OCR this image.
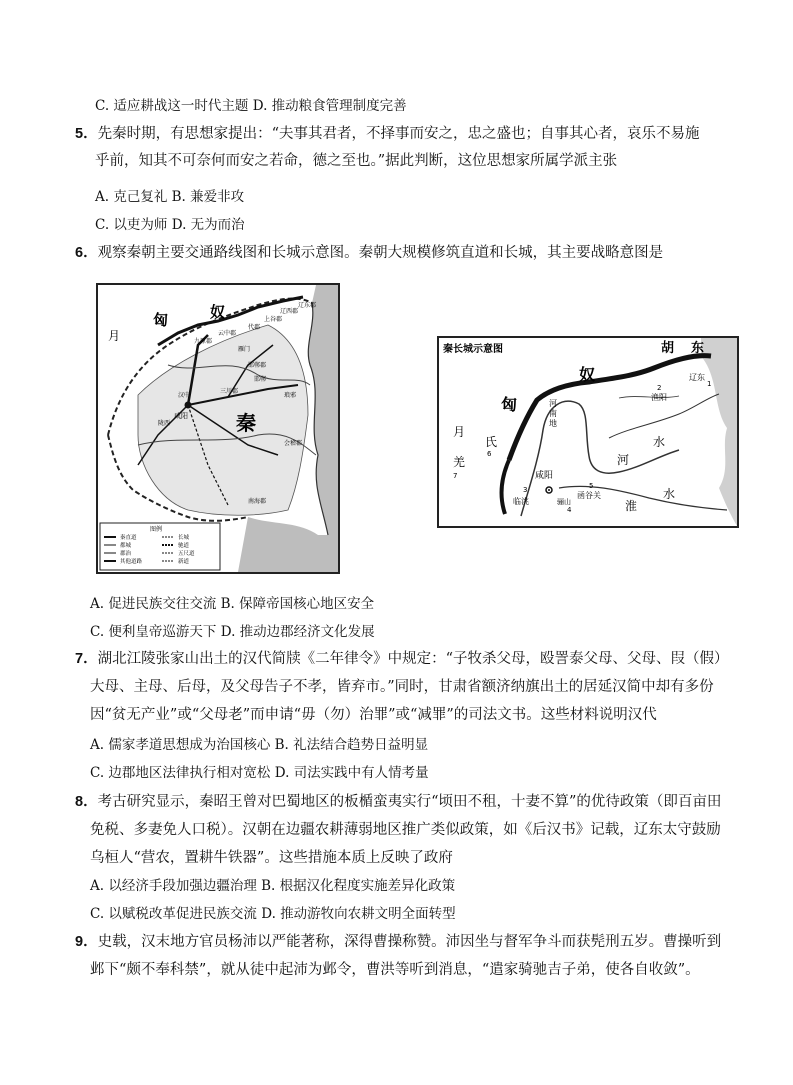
C. 适应耕战这一时代主题 D. 推动粮食管理制度完善
5．先秦时期，有思想家提出：“夫事其君者，不择事而安之，忠之盛也；自事其心者，哀乐不易施
乎前，知其不可奈何而安之若命，德之至也。”据此判断，这位思想家所属学派主张
A. 克己复礼 B. 兼爱非攻
C. 以吏为师 D. 无为而治
6．观察秦朝主要交通路线图和长城示意图。秦朝大规模修筑直道和长城，其主要战略意图是
匈	奴
月
秦
咸阳
九原郡
云中郡
雁门
代郡
上谷郡
辽西郡
辽东郡
邯郸郡
邯郸
三川郡
琅邪
会稽郡
南海郡
汉中
陇西
图例
秦直道	长城
都城	驰道
郡治	五尺道
其他道路	新道
秦长城示意图	胡 东
奴
匈
月
氏
羌
河
南
地
咸阳
临洮
函谷关
骊山
辽东
渔阳
河
水
水
淮
1
2
3
4
5
6
7
A. 促进民族交往交流 B. 保障帝国核心地区安全
C. 便利皇帝巡游天下 D. 推动边郡经济文化发展
7．湖北江陵张家山出土的汉代简牍《二年律令》中规定：“子牧杀父母，殴詈泰父母、父母、叚（假）
大母、主母、后母，及父母告子不孝，皆弃市。”同时，甘肃省额济纳旗出土的居延汉简中却有多份
因“贫无产业”或“父母老”而申请“毋（勿）治罪”或“减罪”的司法文书。这些材料说明汉代
A. 儒家孝道思想成为治国核心 B. 礼法结合趋势日益明显
C. 边郡地区法律执行相对宽松 D. 司法实践中有人情考量
8．考古研究显示，秦昭王曾对巴蜀地区的板楯蛮夷实行“顷田不租，十妻不算”的优待政策（即百亩田
免税、多妻免人口税）。汉朝在边疆农耕薄弱地区推广类似政策，如《后汉书》记载，辽东太守鼓励
乌桓人“营农，置耕牛铁器”。这些措施本质上反映了政府
A. 以经济手段加强边疆治理 B. 根据汉化程度实施差异化政策
C. 以赋税改革促进民族交流 D. 推动游牧向农耕文明全面转型
9．史载，汉末地方官员杨沛以严能著称，深得曹操称赞。沛因坐与督军争斗而获髡刑五岁。曹操听到
邺下“颇不奉科禁”，就从徒中起沛为邺令，曹洪等听到消息，“遣家骑驰吉子弟，使各自收敛”。
